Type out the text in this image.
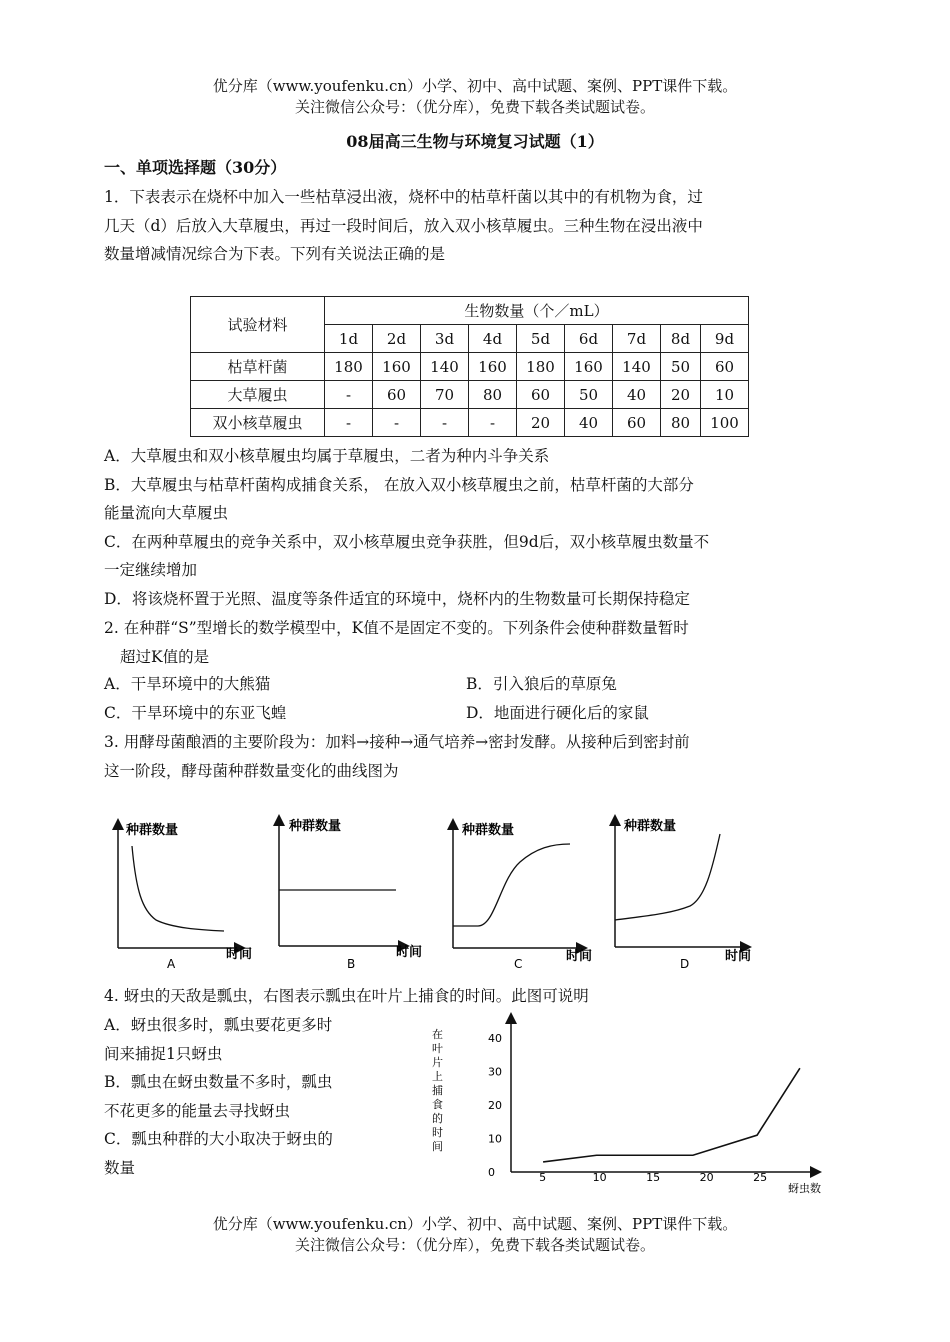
优分库（www.youfenku.cn）小学、初中、高中试题、案例、PPT课件下载。
关注微信公众号：（优分库），免费下载各类试题试卷。
08届高三生物与环境复习试题（1）
一、单项选择题（30分）
1．下表表示在烧杯中加入一些枯草浸出液，烧杯中的枯草杆菌以其中的有机物为食，过
几天（d）后放入大草履虫，再过一段时间后，放入双小核草履虫。三种生物在浸出液中
数量增减情况综合为下表。下列有关说法正确的是
试验材料	生物数量（个／mL）								
	1d	2d	3d	4d	5d	6d	7d	8d	9d
枯草杆菌	180	160	140	160	180	160	140	50	60
大草履虫	-	60	70	80	60	50	40	20	10
双小核草履虫	-	-	-	-	20	40	60	80	100
A．大草履虫和双小核草履虫均属于草履虫，二者为种内斗争关系
B．大草履虫与枯草杆菌构成捕食关系， 在放入双小核草履虫之前，枯草杆菌的大部分
能量流向大草履虫
C．在两种草履虫的竞争关系中，双小核草履虫竞争获胜，但9d后，双小核草履虫数量不
一定继续增加
D．将该烧杯置于光照、温度等条件适宜的环境中，烧杯内的生物数量可长期保持稳定
2. 在种群“S”型增长的数学模型中，K值不是固定不变的。下列条件会使种群数量暂时
超过K值的是
A．干旱环境中的大熊猫	B．引入狼后的草原兔
C．干旱环境中的东亚飞蝗	D．地面进行硬化后的家鼠
3. 用酵母菌酿酒的主要阶段为：加料→接种→通气培养→密封发酵。从接种后到密封前
这一阶段，酵母菌种群数量变化的曲线图为
种群数量
时间
A
种群数量
时间
B
种群数量
时间
C
种群数量
时间
D
4. 蚜虫的天敌是瓢虫，右图表示瓢虫在叶片上捕食的时间。此图可说明
A．蚜虫很多时，瓢虫要花更多时
间来捕捉1只蚜虫
B．瓢虫在蚜虫数量不多时，瓢虫
不花更多的能量去寻找蚜虫
C．瓢虫种群的大小取决于蚜虫的
数量
在叶片上捕食的时间
0
10
20
30
40
5	10	15	20	25
蚜虫数
优分库（www.youfenku.cn）小学、初中、高中试题、案例、PPT课件下载。
关注微信公众号：（优分库），免费下载各类试题试卷。
